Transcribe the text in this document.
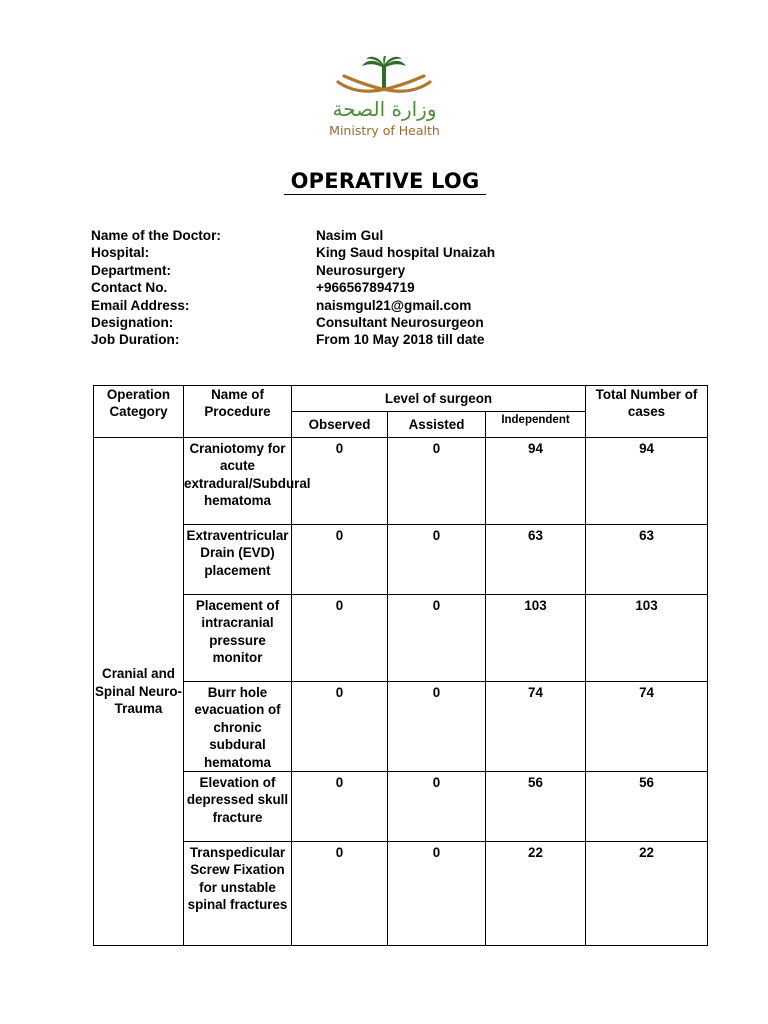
وزارة الصحة
Ministry of Health
OPERATIVE LOG
Name of the Doctor:	Nasim Gul
Hospital:	King Saud hospital Unaizah
Department:	Neurosurgery
Contact No.	+966567894719
Email Address:	naismgul21@gmail.com
Designation:	Consultant Neurosurgeon
Job Duration:	From 10 May 2018 till date
Operation Category	Name of Procedure	Level of surgeon			Total Number of cases
		Observed	Assisted	Independent	
Cranial and Spinal Neuro-Trauma	Craniotomy for acute extradural/Subdural hematoma	0	0	94	94
	Extraventricular Drain (EVD) placement	0	0	63	63
	Placement of intracranial pressure monitor	0	0	103	103
	Burr hole evacuation of chronic subdural hematoma	0	0	74	74
	Elevation of depressed skull fracture	0	0	56	56
	Transpedicular Screw Fixation for unstable spinal fractures	0	0	22	22
